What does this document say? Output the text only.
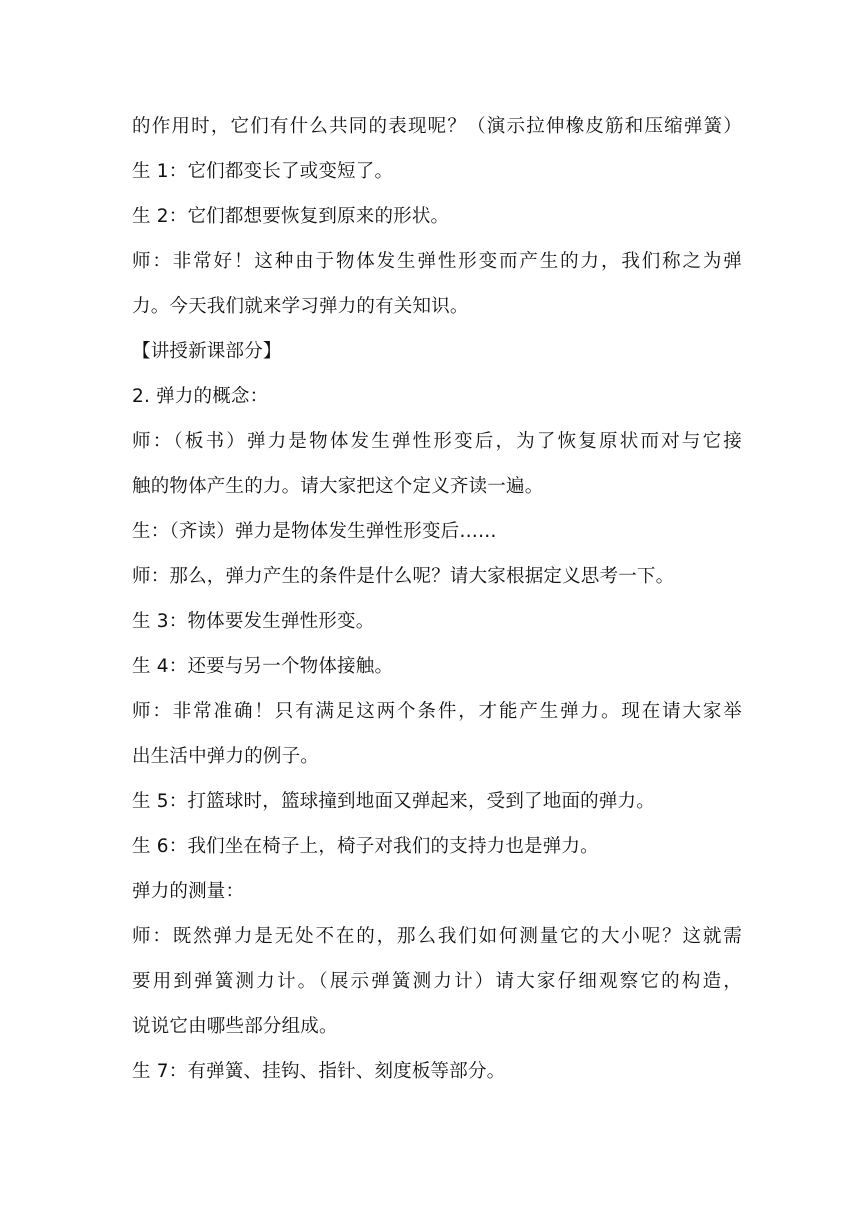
的作用时，它们有什么共同的表现呢？（演示拉伸橡皮筋和压缩弹簧）
生 1：它们都变长了或变短了。
生 2：它们都想要恢复到原来的形状。
师：非常好！这种由于物体发生弹性形变而产生的力，我们称之为弹
力。今天我们就来学习弹力的有关知识。
【讲授新课部分】
2. 弹力的概念：
师：（板书）弹力是物体发生弹性形变后，为了恢复原状而对与它接
触的物体产生的力。请大家把这个定义齐读一遍。
生：（齐读）弹力是物体发生弹性形变后……
师：那么，弹力产生的条件是什么呢？请大家根据定义思考一下。
生 3：物体要发生弹性形变。
生 4：还要与另一个物体接触。
师：非常准确！只有满足这两个条件，才能产生弹力。现在请大家举
出生活中弹力的例子。
生 5：打篮球时，篮球撞到地面又弹起来，受到了地面的弹力。
生 6：我们坐在椅子上，椅子对我们的支持力也是弹力。
弹力的测量：
师：既然弹力是无处不在的，那么我们如何测量它的大小呢？这就需
要用到弹簧测力计。（展示弹簧测力计）请大家仔细观察它的构造，
说说它由哪些部分组成。
生 7：有弹簧、挂钩、指针、刻度板等部分。
